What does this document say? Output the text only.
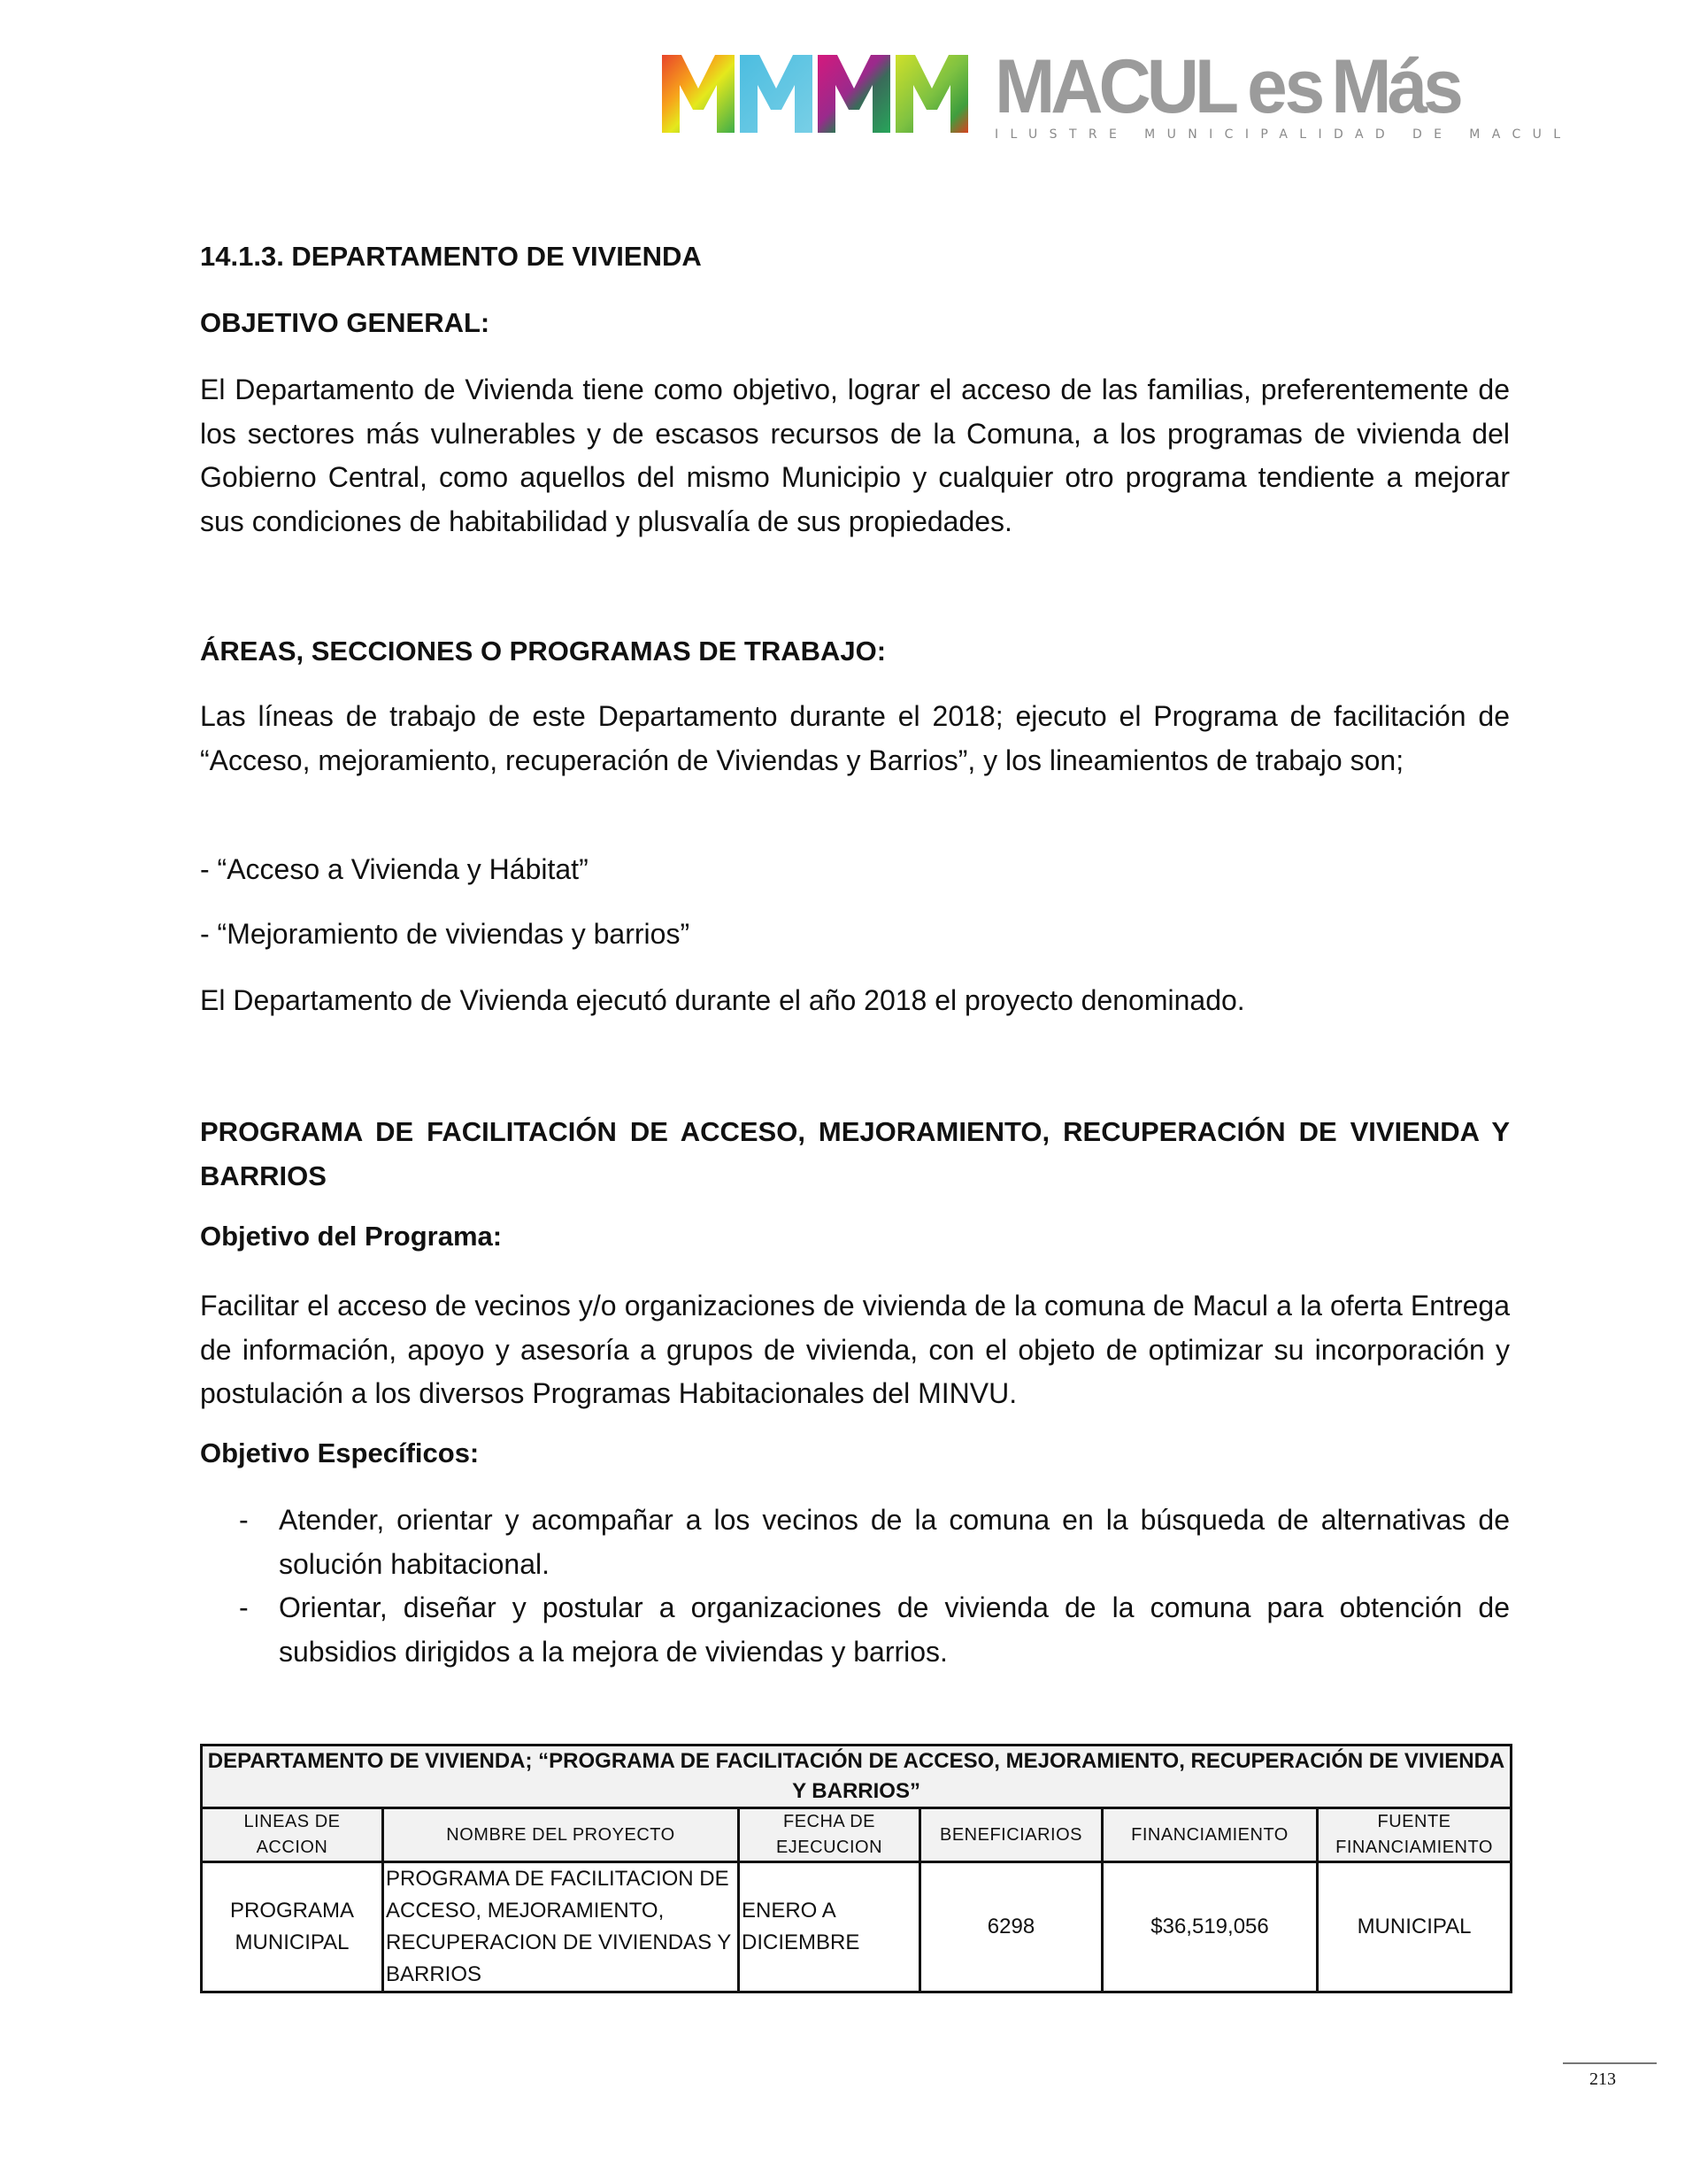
MACUL es Más
ILUSTRE MUNICIPALIDAD DE MACUL
14.1.3. DEPARTAMENTO DE VIVIENDA
OBJETIVO GENERAL:

El Departamento de Vivienda tiene como objetivo, lograr el acceso de las familias, preferentemente de los sectores más vulnerables y de escasos recursos de la Comuna, a los programas de vivienda del Gobierno Central, como aquellos del mismo Municipio y cualquier otro programa tendiente a mejorar sus condiciones de habitabilidad y plusvalía de sus propiedades.

ÁREAS, SECCIONES O PROGRAMAS DE TRABAJO:

Las líneas de trabajo de este Departamento durante el 2018; ejecuto el Programa de facilitación de “Acceso, mejoramiento, recuperación de Viviendas y Barrios”, y los lineamientos de trabajo son;

- “Acceso a Vivienda y Hábitat”

- “Mejoramiento de viviendas y barrios”

El Departamento de Vivienda ejecutó durante el año 2018 el proyecto denominado.

PROGRAMA DE FACILITACIÓN DE ACCESO, MEJORAMIENTO, RECUPERACIÓN DE VIVIENDA Y BARRIOS

Objetivo del Programa:

Facilitar el acceso de vecinos y/o organizaciones de vivienda de la comuna de Macul a la oferta Entrega de información, apoyo y asesoría a grupos de vivienda, con el objeto de optimizar su incorporación y postulación a los diversos Programas Habitacionales del MINVU.

Objetivo Específicos:
- Atender, orientar y acompañar a los vecinos de la comuna en la búsqueda de alternativas de solución habitacional.
- Orientar, diseñar y postular a organizaciones de vivienda de la comuna para obtención de subsidios dirigidos a la mejora de viviendas y barrios.
DEPARTAMENTO DE VIVIENDA; “PROGRAMA DE FACILITACIÓN DE ACCESO, MEJORAMIENTO, RECUPERACIÓN DE VIVIENDA Y BARRIOS”					
LINEAS DE ACCION	NOMBRE DEL PROYECTO	FECHA DE EJECUCION	BENEFICIARIOS	FINANCIAMIENTO	FUENTE FINANCIAMIENTO
PROGRAMA MUNICIPAL	PROGRAMA DE FACILITACION DE ACCESO, MEJORAMIENTO, RECUPERACION DE VIVIENDAS Y BARRIOS	ENERO A DICIEMBRE	6298	$36,519,056	MUNICIPAL
213
